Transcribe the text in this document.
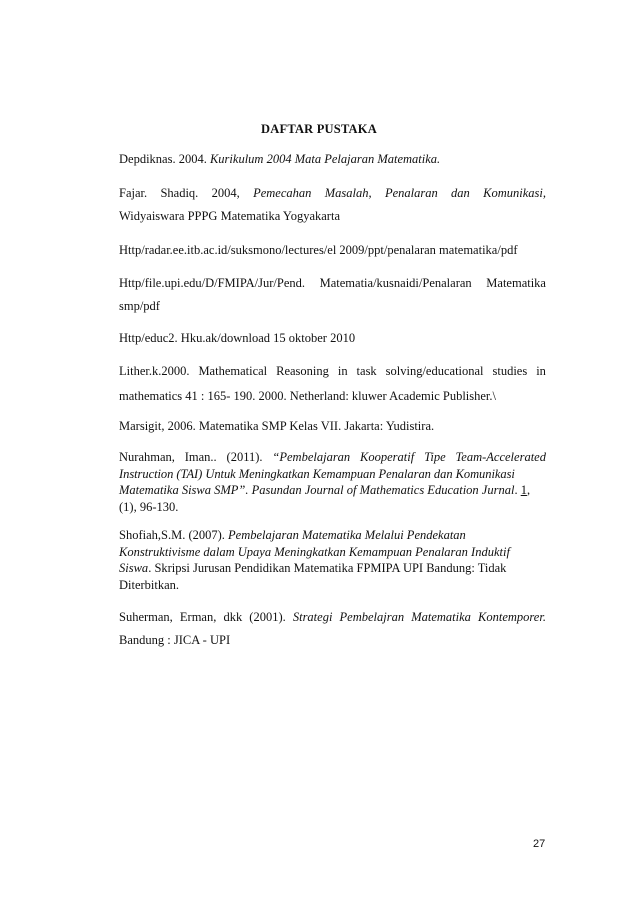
DAFTAR PUSTAKA

Depdiknas. 2004. Kurikulum 2004 Mata Pelajaran Matematika.

Fajar. Shadiq. 2004, Pemecahan Masalah, Penalaran dan Komunikasi,

Widyaiswara PPPG Matematika Yogyakarta

Http/radar.ee.itb.ac.id/suksmono/lectures/el 2009/ppt/penalaran matematika/pdf

Http/file.upi.edu/D/FMIPA/Jur/Pend. Matematia/kusnaidi/Penalaran Matematika

smp/pdf

Http/educ2. Hku.ak/download 15 oktober 2010

Lither.k.2000. Mathematical Reasoning in task solving/educational studies in

mathematics 41 : 165- 190. 2000. Netherland: kluwer Academic Publisher.\

Marsigit, 2006. Matematika SMP Kelas VII. Jakarta: Yudistira.

Nurahman, Iman.. (2011). “Pembelajaran Kooperatif Tipe Team-Accelerated

Instruction (TAI) Untuk Meningkatkan Kemampuan Penalaran dan Komunikasi

Matematika Siswa SMP”. Pasundan Journal of Mathematics Education Jurnal. 1,

(1), 96-130.

Shofiah,S.M. (2007). Pembelajaran Matematika Melalui Pendekatan

Konstruktivisme dalam Upaya Meningkatkan Kemampuan Penalaran Induktif

Siswa. Skripsi Jurusan Pendidikan Matematika FPMIPA UPI Bandung: Tidak

Diterbitkan.

Suherman, Erman, dkk (2001). Strategi Pembelajran Matematika Kontemporer.

Bandung : JICA - UPI

27
